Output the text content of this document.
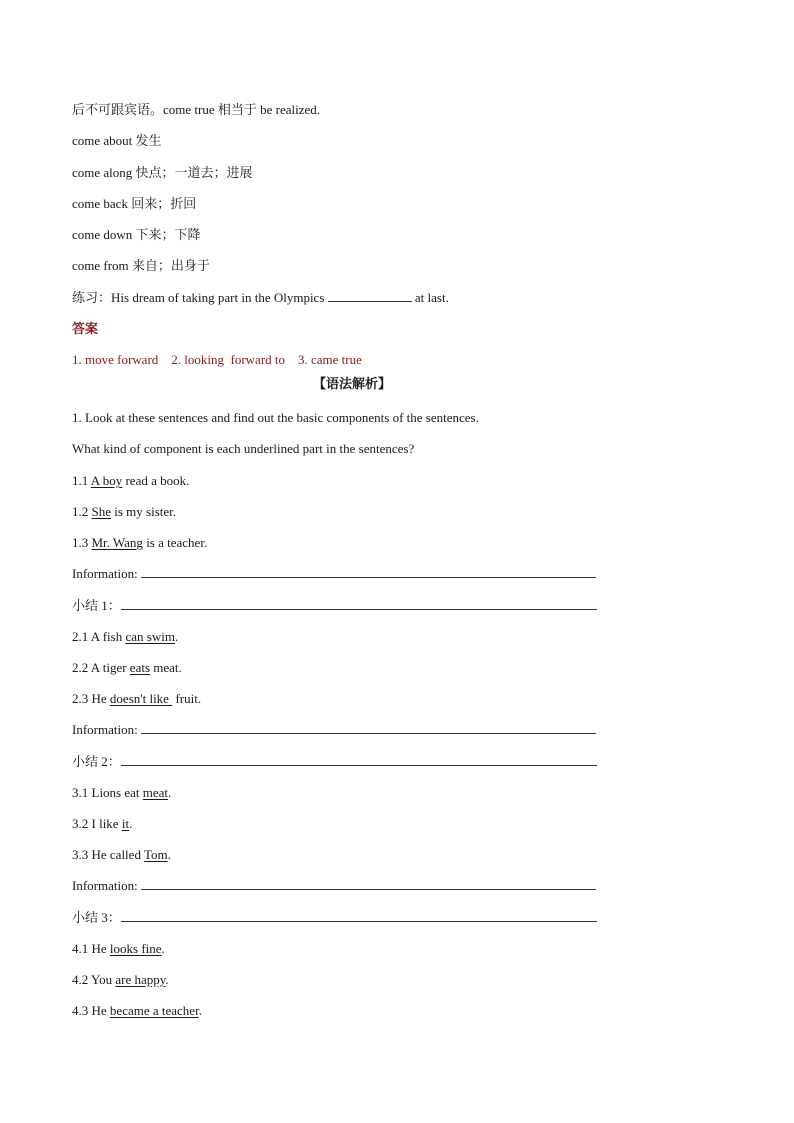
后不可跟宾语。come true 相当于 be realized.
come about 发生
come along 快点；一道去；进展
come back 回来；折回
come down 下来；下降
come from 来自；出身于
练习：His dream of taking part in the Olympics	at last.
答案
1. move forward    2. looking  forward to    3. came true
【语法解析】
1. Look at these sentences and find out the basic components of the sentences.
What kind of component is each underlined part in the sentences?
1.1 A boy read a book.
1.2 She is my sister.
1.3 Mr. Wang is a teacher.
Information:
小结 1：
2.1 A fish can swim.
2.2 A tiger eats meat.
2.3 He doesn't like  fruit.
Information:
小结 2：
3.1 Lions eat meat.
3.2 I like it.
3.3 He called Tom.
Information:
小结 3：
4.1 He looks fine.
4.2 You are happy.
4.3 He became a teacher.
